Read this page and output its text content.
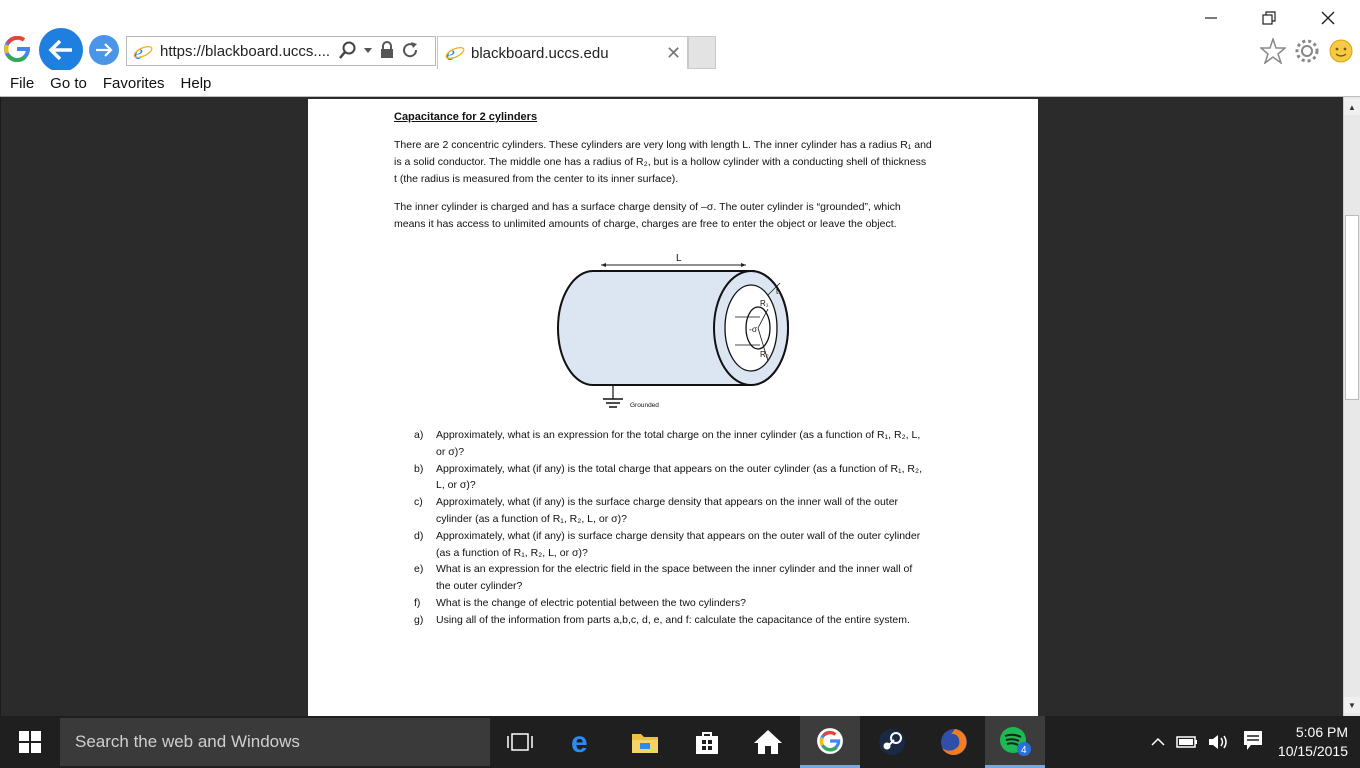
e https://blackboard.uccs....	e blackboard.uccs.edu	✕
File Go to Favorites Help
Capacitance for 2 cylinders
There are 2 concentric cylinders. These cylinders are very long with length L. The inner cylinder has a radius R₁ and
is a solid conductor. The middle one has a radius of R₂, but is a hollow cylinder with a conducting shell of thickness
t (the radius is measured from the center to its inner surface).
The inner cylinder is charged and has a surface charge density of –σ. The outer cylinder is “grounded”, which
means it has access to unlimited amounts of charge, charges are free to enter the object or leave the object.
L
-σ
R₁
R₂
t
Grounded
a)	Approximately, what is an expression for the total charge on the inner cylinder (as a function of R₁, R₂, L,
or σ)?
b)	Approximately, what (if any) is the total charge that appears on the outer cylinder (as a function of R₁, R₂,
L, or σ)?
c)	Approximately, what (if any) is the surface charge density that appears on the inner wall of the outer
cylinder (as a function of R₁, R₂, L, or σ)?
d)	Approximately, what (if any) is surface charge density that appears on the outer wall of the outer cylinder
(as a function of R₁, R₂, L, or σ)?
e)	What is an expression for the electric field in the space between the inner cylinder and the inner wall of
the outer cylinder?
f)	What is the change of electric potential between the two cylinders?
g)	Using all of the information from parts a,b,c, d, e, and f: calculate the capacitance of the entire system.
▲
▼
Search the web and Windows	e	4
5:06 PM
10/15/2015
